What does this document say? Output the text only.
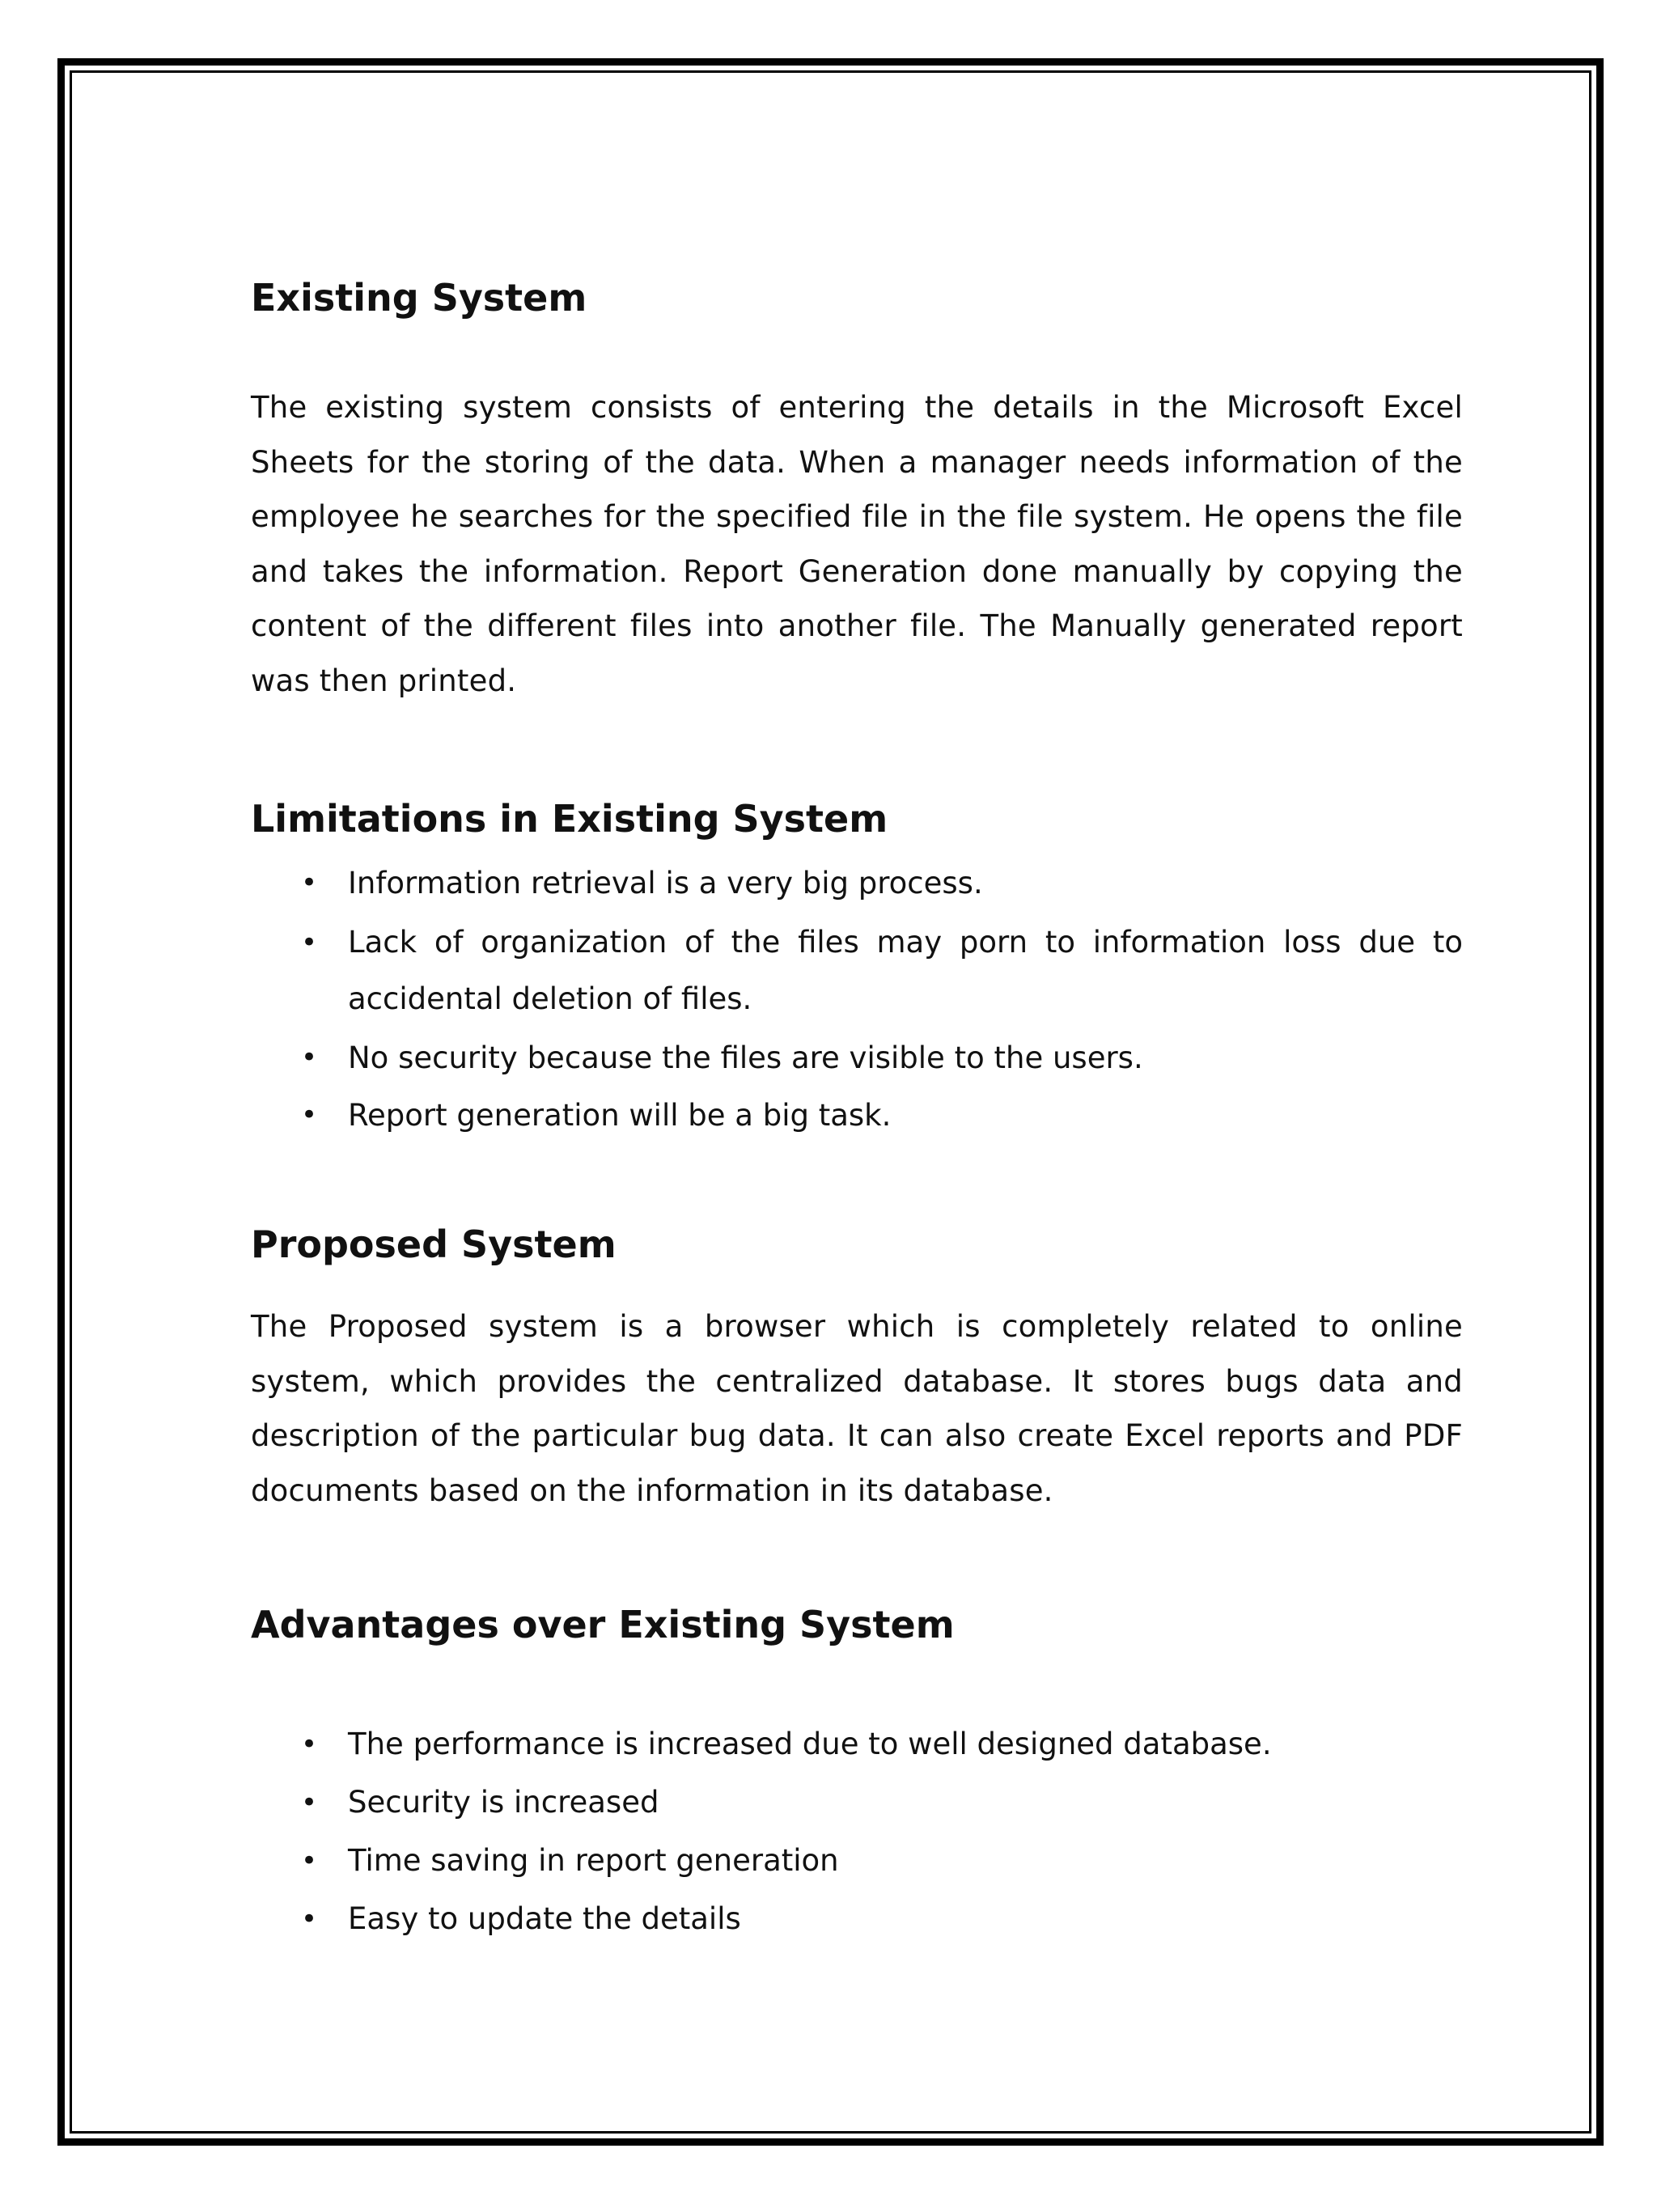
Existing System

The existing system consists of entering the details in the Microsoft Excel Sheets for the storing of the data. When a manager needs information of the employee he searches for the specified file in the file system. He opens the file and takes the information. Report Generation done manually by copying the content of the different files into another file. The Manually generated report was then printed.

Limitations in Existing System
• Information retrieval is a very big process.
• Lack of organization of the files may porn to information loss due to accidental deletion of files.
• No security because the files are visible to the users.
• Report generation will be a big task.
Proposed System

The Proposed system is a browser which is completely related to online system, which provides the centralized database. It stores bugs data and description of the particular bug data. It can also create Excel reports and PDF documents based on the information in its database.

Advantages over Existing System
• The performance is increased due to well designed database.
• Security is increased
• Time saving in report generation
• Easy to update the details
